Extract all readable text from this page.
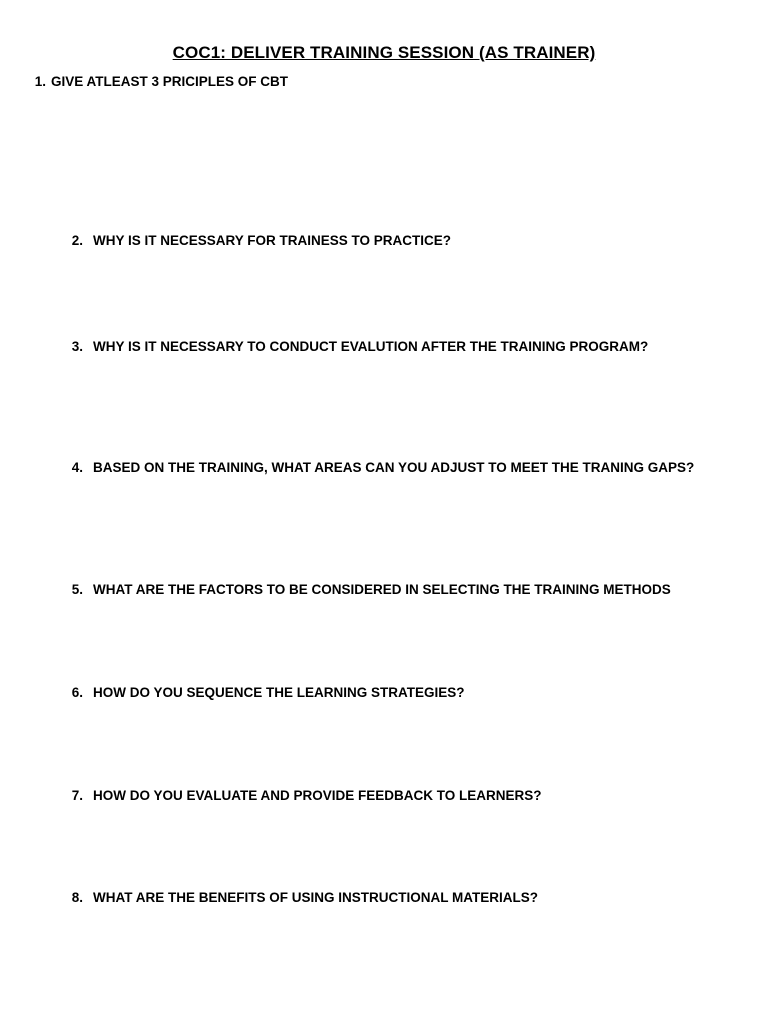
COC1: DELIVER TRAINING SESSION (AS TRAINER)
1. GIVE ATLEAST 3 PRICIPLES OF CBT
2. WHY IS IT NECESSARY FOR TRAINESS TO PRACTICE?
3. WHY IS IT NECESSARY TO CONDUCT EVALUTION AFTER THE TRAINING PROGRAM?
4. BASED ON THE TRAINING, WHAT AREAS CAN YOU ADJUST TO MEET THE TRANING GAPS?
5. WHAT ARE THE FACTORS TO BE CONSIDERED IN SELECTING THE TRAINING METHODS
6. HOW DO YOU SEQUENCE THE LEARNING STRATEGIES?
7. HOW DO YOU EVALUATE AND PROVIDE FEEDBACK TO LEARNERS?
8. WHAT ARE THE BENEFITS OF USING INSTRUCTIONAL MATERIALS?
